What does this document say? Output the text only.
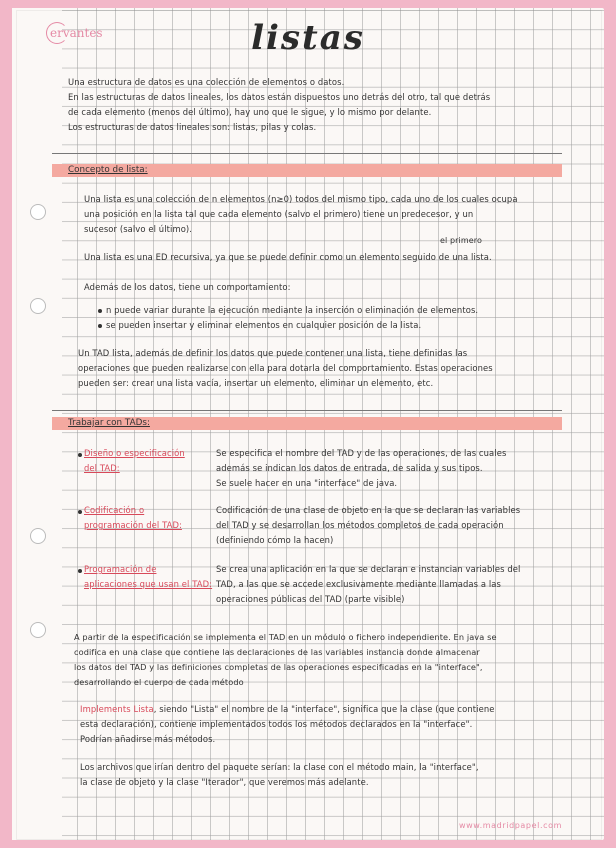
ervantes	listas
Una estructura de datos es una colección de elementos o datos.
En las estructuras de datos lineales, los datos están dispuestos uno detrás del otro, tal que detrás
de cada elemento (menos del último), hay uno que le sigue, y lo mismo por delante.
Los estructuras de datos lineales son: listas, pilas y colas.
Concepto de lista:
Una lista es una colección de n elementos (n≥0) todos del mismo tipo, cada uno de los cuales ocupa
una posición en la lista tal que cada elemento (salvo el primero) tiene un predecesor, y un
sucesor (salvo el último).
el primero
Una lista es una ED recursiva, ya que se puede definir como un elemento seguido de una lista.
Además de los datos, tiene un comportamiento:
n puede variar durante la ejecución mediante la inserción o eliminación de elementos.
se pueden insertar y eliminar elementos en cualquier posición de la lista.
Un TAD lista, además de definir los datos que puede contener una lista, tiene definidas las
operaciones que pueden realizarse con ella para dotarla del comportamiento. Estas operaciones
pueden ser: crear una lista vacía, insertar un elemento, eliminar un elemento, etc.
Trabajar con TADs:
Diseño o especificación
del TAD:
Se especifica el nombre del TAD y de las operaciones, de las cuales
además se indican los datos de entrada, de salida y sus tipos.
Se suele hacer en una "interface" de java.
Codificación o
programación del TAD:
Codificación de una clase de objeto en la que se declaran las variables
del TAD y se desarrollan los métodos completos de cada operación
(definiendo cómo la hacen)
Programación de
aplicaciones que usan el TAD:
Se crea una aplicación en la que se declaran e instancian variables del
TAD, a las que se accede exclusivamente mediante llamadas a las
operaciones públicas del TAD (parte visible)
A partir de la especificación se implementa el TAD en un módulo o fichero independiente. En java se
codifica en una clase que contiene las declaraciones de las variables instancia donde almacenar
los datos del TAD y las definiciones completas de las operaciones especificadas en la "interface",
desarrollando el cuerpo de cada método
Implements Lista, siendo "Lista" el nombre de la "interface", significa que la clase (que contiene
esta declaración), contiene implementados todos los métodos declarados en la "interface".
Podrían añadirse más métodos.
Los archivos que irían dentro del paquete serían: la clase con el método main, la "interface",
la clase de objeto y la clase "Iterador", que veremos más adelante.
www.madridpapel.com
